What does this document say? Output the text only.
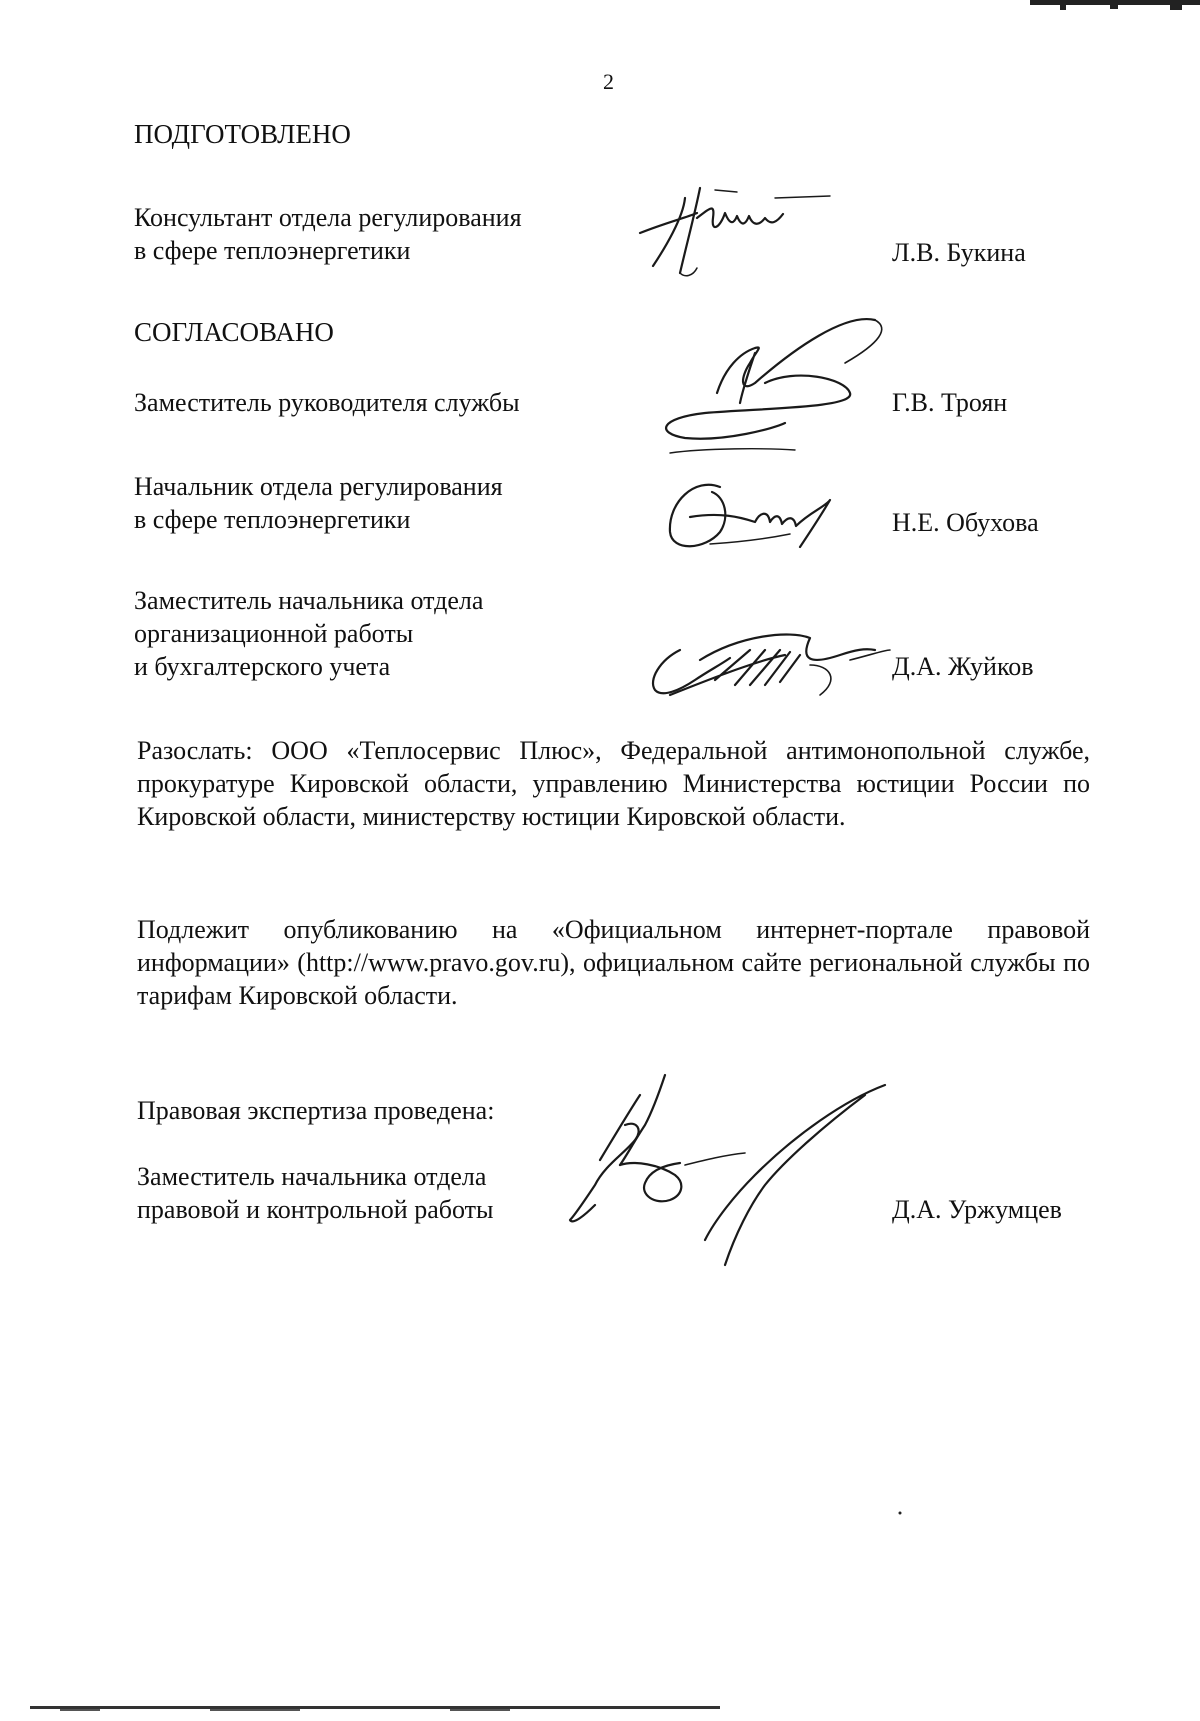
2
ПОДГОТОВЛЕНО
Консультант отдела регулирования
в сфере теплоэнергетики	Л.В. Букина
СОГЛАСОВАНО
Заместитель руководителя службы	Г.В. Троян
Начальник отдела регулирования
в сфере теплоэнергетики	Н.Е. Обухова
Заместитель начальника отдела
организационной работы
и бухгалтерского учета	Д.А. Жуйков
Разослать: ООО «Теплосервис Плюс», Федеральной антимонопольной службе, прокуратуре Кировской области, управлению Министерства юстиции России по Кировской области, министерству юстиции Кировской области.
Подлежит опубликованию на «Официальном интернет-портале правовой информации» (http://www.pravo.gov.ru), официальном сайте региональной службы по тарифам Кировской области.
Правовая экспертиза проведена:
Заместитель начальника отдела
правовой и контрольной работы	Д.А. Уржумцев
